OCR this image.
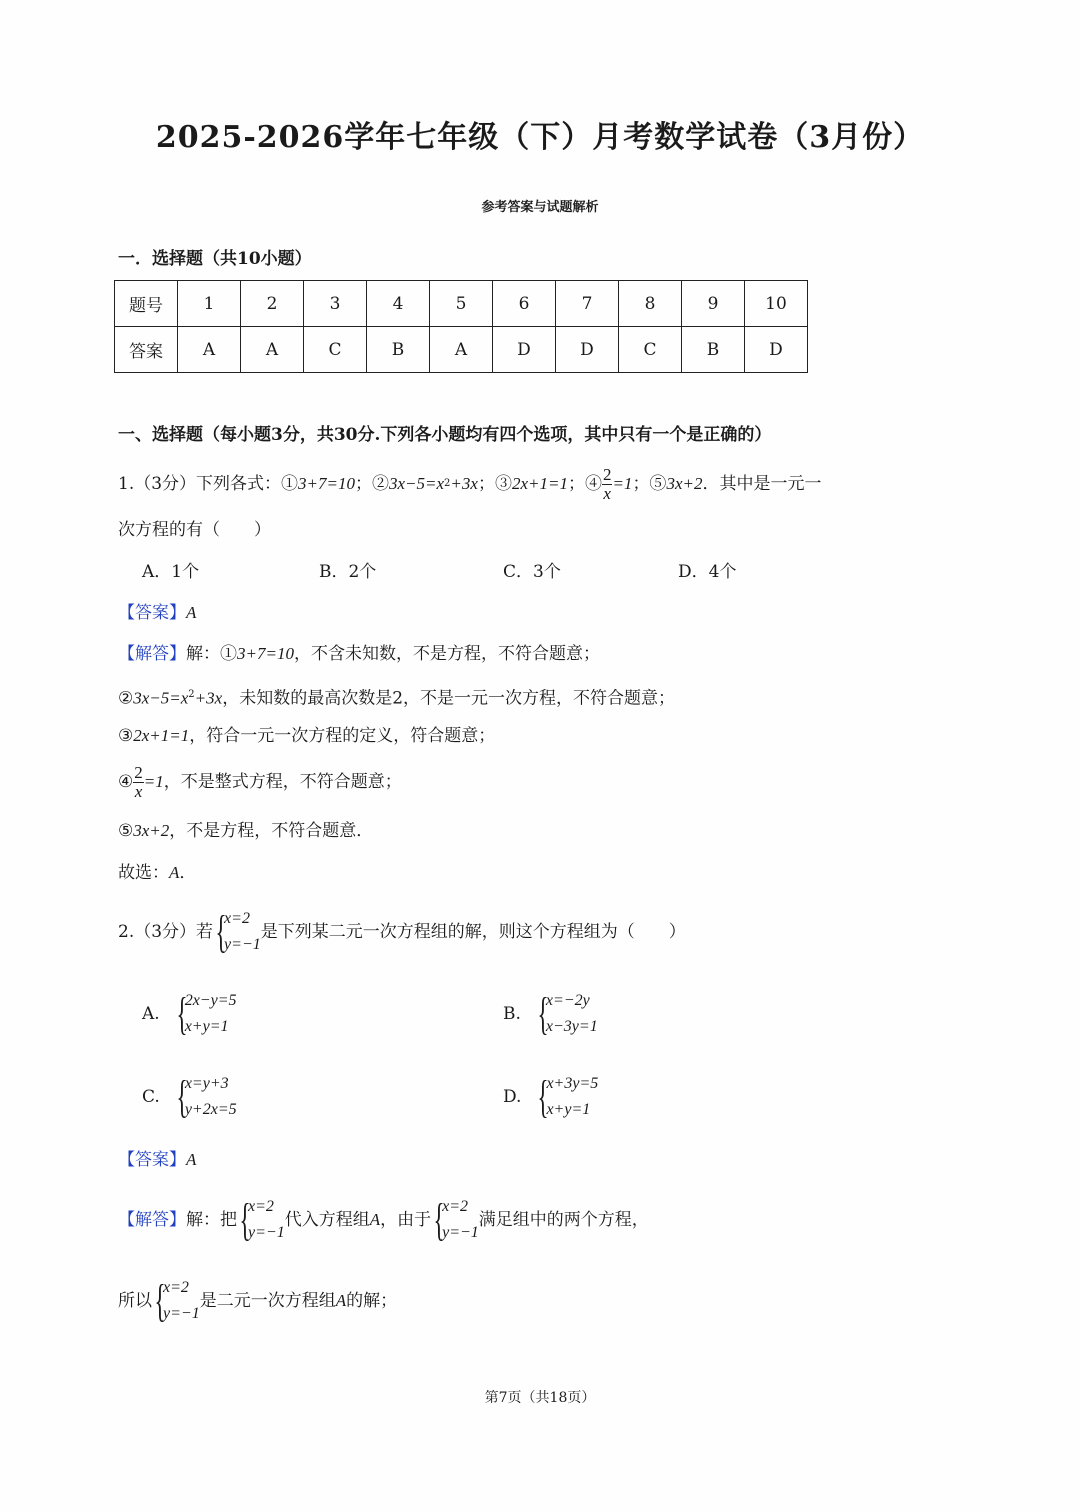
2025-2026学年七年级（下）月考数学试卷（3月份）
参考答案与试题解析
一．选择题（共10小题）
题号	1	2	3	4	5	6	7	8	9	10
答案	A	A	C	B	A	D	D	C	B	D
一、选择题（每小题3分，共30分.下列各小题均有四个选项，其中只有一个是正确的）
1.（3分）下列各式：① 3+7=10 ；② 3x−5=x 2 +3x ；③ 2x+1=1 ；④ $\frac{2}{x} =1$ ；⑤ 3x+2 ．其中是一元一
次方程的有（　　）
A．1个	B．2个	C．3个	D．4个
【答案】A
【解答】解：①3+7=10，不含未知数，不是方程，不符合题意；
$②3x-5=x^2+3x$，未知数的最高次数是2，不是一元一次方程，不符合题意；
③2x+1=1，符合一元一次方程的定义，符合题意；
④ $\frac{2}{x} =1$ ，不是整式方程，不符合题意；
⑤3x+2，不是方程，不符合题意．
故选：A．
2.（3分）若 {
x=2
y=−1
是下列某二元一次方程组的解，则这个方程组为（　　）
A. {
2x−y=5
x+y=1
B. {
x=−2y
x−3y=1
C. {
x=y+3
y+2x=5
D. {
x+3y=5
x+y=1
【答案】A
【解答】 解：把 {
x=2
y=−1
代入方程组 A ，由于 {
x=2
y=−1
满足组中的两个方程，
所以 {
x=2
y=−1
是二元一次方程组 A 的解；
第7页（共18页）
